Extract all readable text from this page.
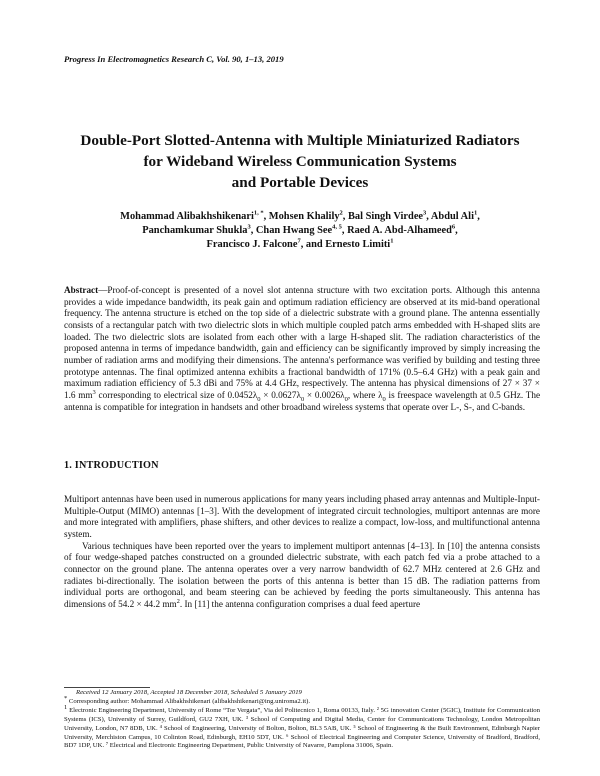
Progress In Electromagnetics Research C, Vol. 90, 1–13, 2019
Double-Port Slotted-Antenna with Multiple Miniaturized Radiators
for Wideband Wireless Communication Systems
and Portable Devices
Mohammad Alibakhshikenari$^{1, *}$, Mohsen Khalily$^2$, Bal Singh Virdee$^3$, Abdul Ali$^1$,
Panchamkumar Shukla$^3$, Chan Hwang See$^{4, 5}$, Raed A. Abd-Alhameed$^6$,
Francisco J. Falcone$^7$, and Ernesto Limiti$^1$
Abstract—Proof-of-concept is presented of a novel slot antenna structure with two excitation ports. Although this antenna provides a wide impedance bandwidth, its peak gain and optimum radiation efficiency are observed at its mid-band operational frequency. The antenna structure is etched on the top side of a dielectric substrate with a ground plane. The antenna essentially consists of a rectangular patch with two dielectric slots in which multiple coupled patch arms embedded with H-shaped slits are loaded. The two dielectric slots are isolated from each other with a large H-shaped slit. The radiation characteristics of the proposed antenna in terms of impedance bandwidth, gain and efficiency can be significantly improved by simply increasing the number of radiation arms and modifying their dimensions. The antenna's performance was verified by building and testing three prototype antennas. The final optimized antenna exhibits a fractional bandwidth of 171% (0.5–6.4 GHz) with a peak gain and maximum radiation efficiency of 5.3 dBi and 75% at 4.4 GHz, respectively. The antenna has physical dimensions of 27 × 37 × 1.6 $mm^3$ corresponding to electrical size of $0.0452\lambda_0 \times 0.0627\lambda_0 \times 0.0026\lambda_0$, where $\lambda_0$ is freespace wavelength at 0.5 GHz. The antenna is compatible for integration in handsets and other broadband wireless systems that operate over L-, S-, and C-bands.
1. INTRODUCTION

Multiport antennas have been used in numerous applications for many years including phased array antennas and Multiple-Input-Multiple-Output (MIMO) antennas [1–3]. With the development of integrated circuit technologies, multiport antennas are more and more integrated with amplifiers, phase shifters, and other devices to realize a compact, low-loss, and multifunctional antenna system.

Various techniques have been reported over the years to implement multiport antennas [4–13]. In [10] the antenna consists of four wedge-shaped patches constructed on a grounded dielectric substrate, with each patch fed via a probe attached to a connector on the ground plane. The antenna operates over a very narrow bandwidth of 62.7 MHz centered at 2.6 GHz and radiates bi-directionally. The isolation between the ports of this antenna is better than 15 dB. The radiation patterns from individual ports are orthogonal, and beam steering can be achieved by feeding the ports simultaneously. This antenna has dimensions of 54.2 × 44.2 $mm^2$. In [11] the antenna configuration comprises a dual feed aperture

Received 12 January 2018, Accepted 18 December 2018, Scheduled 5 January 2019
* Corresponding author: Mohammad Alibakhshikenari (alibakhshikenari@ing.uniroma2.it).
$^1$ Electronic Engineering Department, University of Rome “Tor Vergata”, Via del Politecnico 1, Roma 00133, Italy. ² 5G innovation Center (5GIC), Institute for Communication Systems (ICS), University of Surrey, Guildford, GU2 7XH, UK. ³ School of Computing and Digital Media, Center for Communications Technology, London Metropolitan University, London, N7 8DB, UK. ⁴ School of Engineering, University of Bolton, Bolton, BL3 5AB, UK. ⁵ School of Engineering & the Built Environment, Edinburgh Napier University, Merchiston Campus, 10 Colinton Road, Edinburgh, EH10 5DT, UK. ⁶ School of Electrical Engineering and Computer Science, University of Bradford, Bradford, BD7 1DP, UK. ⁷ Electrical and Electronic Engineering Department, Public University of Navarre, Pamplona 31006, Spain.
